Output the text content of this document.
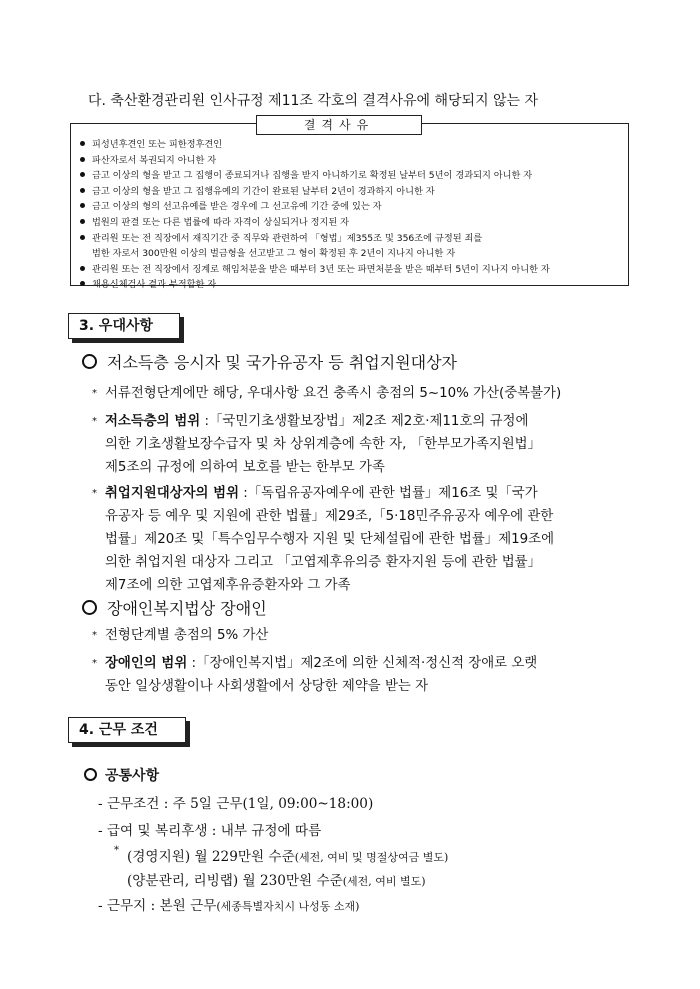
다. 축산환경관리원 인사규정 제11조 각호의 결격사유에 해당되지 않는 자
결격사유
피성년후견인 또는 피한정후견인
파산자로서 복권되지 아니한 자
금고 이상의 형을 받고 그 집행이 종료되거나 집행을 받지 아니하기로 확정된 날부터 5년이 경과되지 아니한 자
금고 이상의 형을 받고 그 집행유예의 기간이 완료된 날부터 2년이 경과하지 아니한 자
금고 이상의 형의 선고유예를 받은 경우에 그 선고유예 기간 중에 있는 자
법원의 판결 또는 다른 법률에 따라 자격이 상실되거나 정지된 자
관리원 또는 전 직장에서 재직기간 중 직무와 관련하여 「형법」제355조 및 356조에 규정된 죄를
범한 자로서 300만원 이상의 벌금형을 선고받고 그 형이 확정된 후 2년이 지나지 아니한 자
관리원 또는 전 직장에서 징계로 해임처분을 받은 때부터 3년 또는 파면처분을 받은 때부터 5년이 지나지 아니한 자
채용신체검사 결과 부적합한 자
3. 우대사항
저소득층 응시자 및 국가유공자 등 취업지원대상자
* 서류전형단계에만 해당, 우대사항 요건 충족시 총점의 5~10% 가산(중복불가)
* 저소득층의 범위 :「국민기초생활보장법」제2조 제2호·제11호의 규정에
의한 기초생활보장수급자 및 차 상위계층에 속한 자, 「한부모가족지원법」
제5조의 규정에 의하여 보호를 받는 한부모 가족
* 취업지원대상자의 범위 :「독립유공자예우에 관한 법률」제16조 및「국가
유공자 등 예우 및 지원에 관한 법률」제29조,「5·18민주유공자 예우에 관한
법률」제20조 및「특수임무수행자 지원 및 단체설립에 관한 법률」제19조에
의한 취업지원 대상자 그리고 「고엽제후유의증 환자지원 등에 관한 법률」
제7조에 의한 고엽제후유증환자와 그 가족
장애인복지법상 장애인
* 전형단계별 총점의 5% 가산
* 장애인의 범위 :「장애인복지법」제2조에 의한 신체적·정신적 장애로 오랫
동안 일상생활이나 사회생활에서 상당한 제약을 받는 자
4. 근무 조건
공통사항
- 근무조건 : 주 5일 근무(1일, 09:00~18:00)
- 급여 및 복리후생 : 내부 규정에 따름
* (경영지원) 월 229만원 수준(세전, 여비 및 명절상여금 별도)
(양분관리, 리빙랩) 월 230만원 수준(세전, 여비 별도)
- 근무지 : 본원 근무(세종특별자치시 나성동 소재)
